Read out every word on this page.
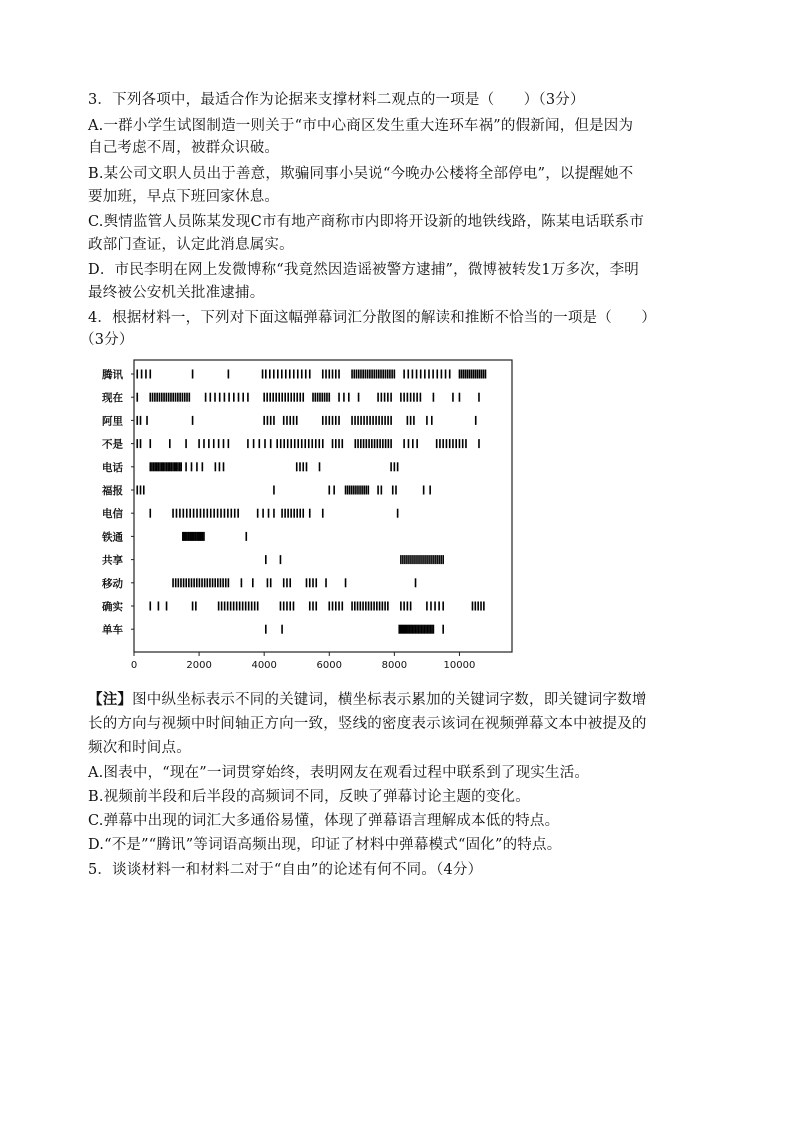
3．下列各项中，最适合作为论据来支撑材料二观点的一项是（　　）（3分）
A.一群小学生试图制造一则关于“市中心商区发生重大连环车祸”的假新闻，但是因为
自己考虑不周，被群众识破。
B.某公司文职人员出于善意，欺骗同事小吴说“今晚办公楼将全部停电”，以提醒她不
要加班，早点下班回家休息。
C.舆情监管人员陈某发现C市有地产商称市内即将开设新的地铁线路，陈某电话联系市
政部门查证，认定此消息属实。
D．市民李明在网上发微博称“我竟然因造谣被警方逮捕”，微博被转发1万多次，李明
最终被公安机关批准逮捕。
4．根据材料一，下列对下面这幅弹幕词汇分散图的解读和推断不恰当的一项是（　　）
（3分）
腾讯
现在
阿里
不是
电话
福报
电信
铁通
共享
移动
确实
单车
0	2000	4000	6000	8000	10000
【注】图中纵坐标表示不同的关键词，横坐标表示累加的关键词字数，即关键词字数增
长的方向与视频中时间轴正方向一致，竖线的密度表示该词在视频弹幕文本中被提及的
频次和时间点。
A.图表中，“现在”一词贯穿始终，表明网友在观看过程中联系到了现实生活。
B.视频前半段和后半段的高频词不同，反映了弹幕讨论主题的变化。
C.弹幕中出现的词汇大多通俗易懂，体现了弹幕语言理解成本低的特点。
D.“不是”“腾讯”等词语高频出现，印证了材料中弹幕模式“固化”的特点。
5．谈谈材料一和材料二对于“自由”的论述有何不同。（4分）
